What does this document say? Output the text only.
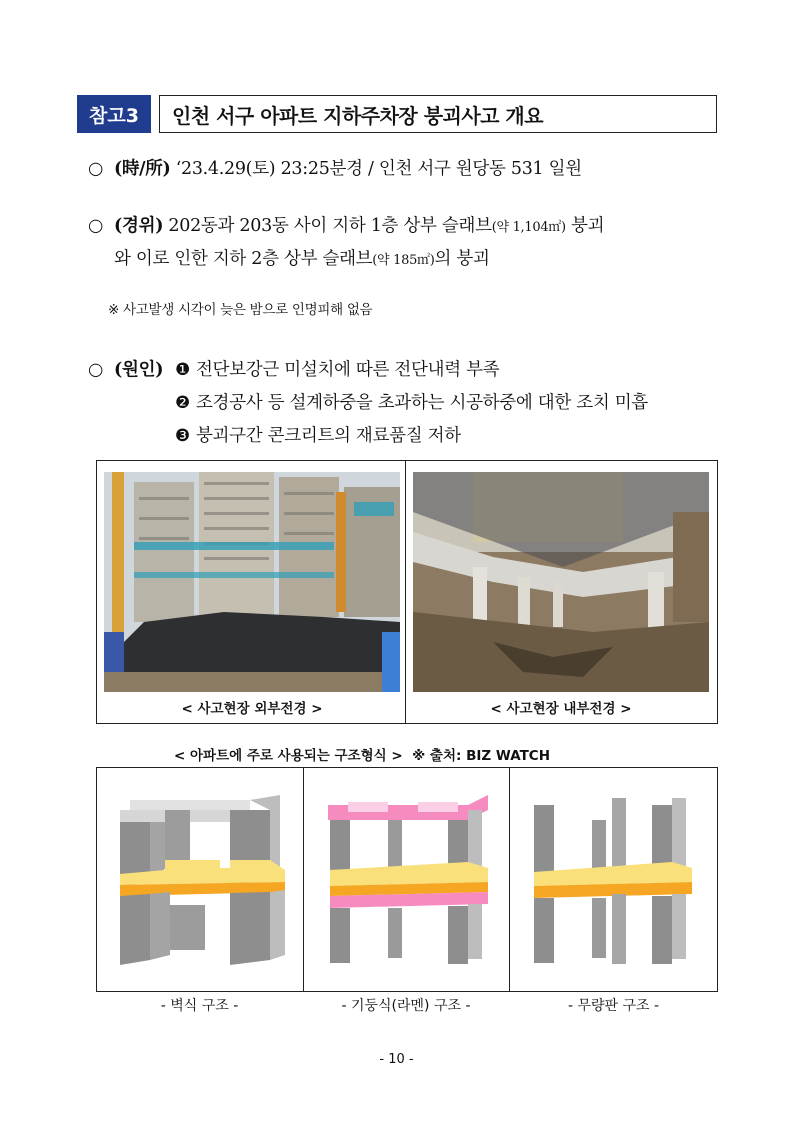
참고3	인천 서구 아파트 지하주차장 붕괴사고 개요
○ (時/所) ‘23.4.29(토) 23:25분경 / 인천 서구 원당동 531 일원
○ (경위) 202동과 203동 사이 지하 1층 상부 슬래브(약 1,104㎡) 붕괴
와 이로 인한 지하 2층 상부 슬래브(약 185㎡)의 붕괴
※ 사고발생 시각이 늦은 밤으로 인명피해 없음
○ (원인) ❶ 전단보강근 미설치에 따른 전단내력 부족
❷ 조경공사 등 설계하중을 초과하는 시공하중에 대한 조치 미흡
❸ 붕괴구간 콘크리트의 재료품질 저하
< 사고현장 외부전경 >	< 사고현장 내부전경 >
< 아파트에 주로 사용되는 구조형식 > ※ 출처: BIZ WATCH
- 벽식 구조 -	- 기둥식(라멘) 구조 -	- 무량판 구조 -
- 10 -
